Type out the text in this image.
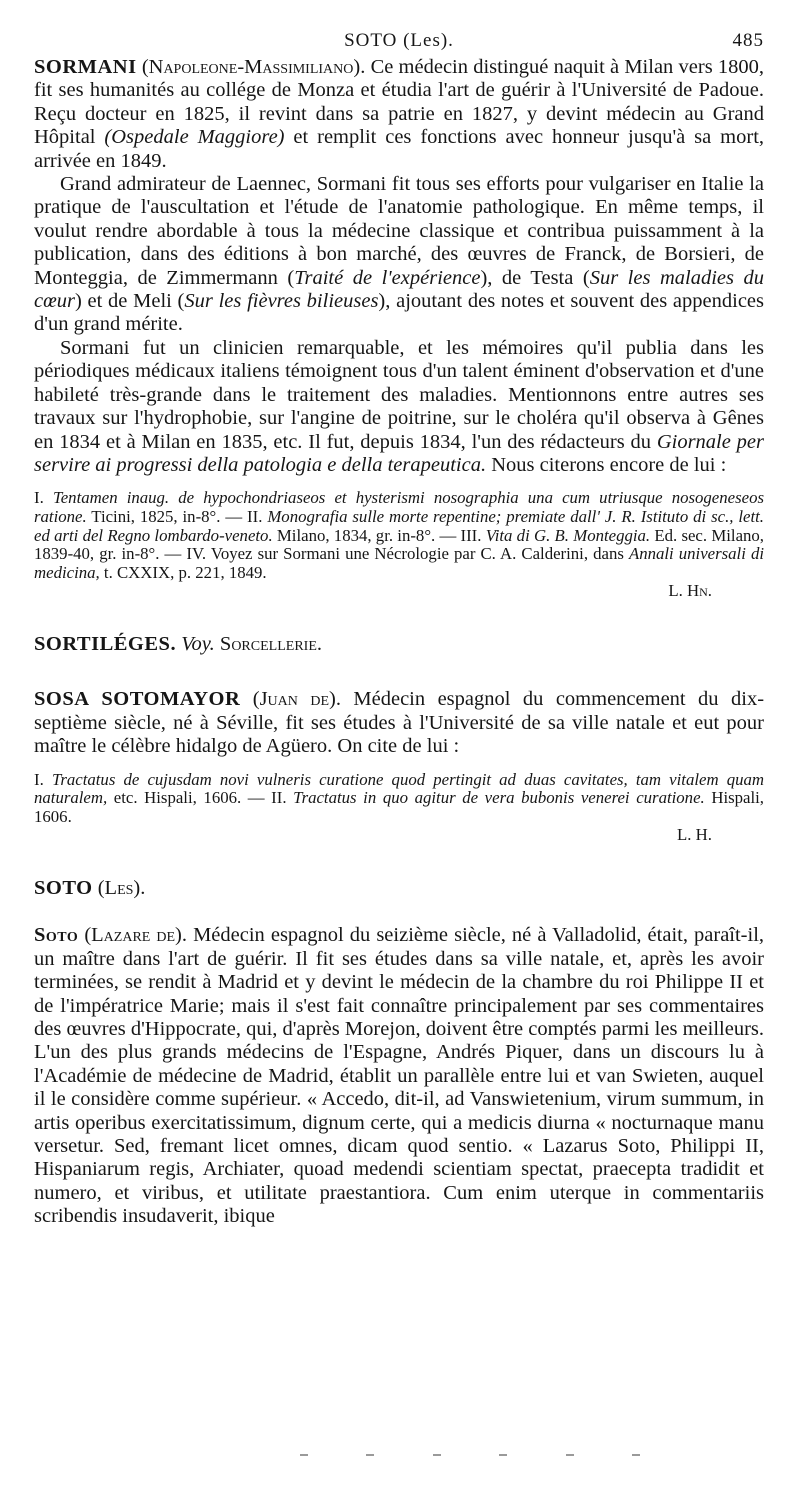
SOTO (Les).	485

SORMANI (Napoleone-Massimiliano). Ce médecin distingué naquit à Milan vers 1800, fit ses humanités au collége de Monza et étudia l'art de guérir à l'Université de Padoue. Reçu docteur en 1825, il revint dans sa patrie en 1827, y devint médecin au Grand Hôpital (Ospedale Maggiore) et remplit ces fonctions avec honneur jusqu'à sa mort, arrivée en 1849.

Grand admirateur de Laennec, Sormani fit tous ses efforts pour vulgariser en Italie la pratique de l'auscultation et l'étude de l'anatomie pathologique. En même temps, il voulut rendre abordable à tous la médecine classique et contribua puissamment à la publication, dans des éditions à bon marché, des œuvres de Franck, de Borsieri, de Monteggia, de Zimmermann (Traité de l'expérience), de Testa (Sur les maladies du cœur) et de Meli (Sur les fièvres bilieuses), ajoutant des notes et souvent des appendices d'un grand mérite.

Sormani fut un clinicien remarquable, et les mémoires qu'il publia dans les périodiques médicaux italiens témoignent tous d'un talent éminent d'observation et d'une habileté très-grande dans le traitement des maladies. Mentionnons entre autres ses travaux sur l'hydrophobie, sur l'angine de poitrine, sur le choléra qu'il observa à Gênes en 1834 et à Milan en 1835, etc. Il fut, depuis 1834, l'un des rédacteurs du Giornale per servire ai progressi della patologia e della terapeutica. Nous citerons encore de lui :

I. Tentamen inaug. de hypochondriaseos et hysterismi nosographia una cum utriusque nosogeneseos ratione. Ticini, 1825, in-8°. — II. Monografia sulle morte repentine; premiate dall' J. R. Istituto di sc., lett. ed arti del Regno lombardo-veneto. Milano, 1834, gr. in-8°. — III. Vita di G. B. Monteggia. Ed. sec. Milano, 1839-40, gr. in-8°. — IV. Voyez sur Sormani une Nécrologie par C. A. Calderini, dans Annali universali di medicina, t. CXXIX, p. 221, 1849.

L. Hn.

SORTILÉGES. Voy. Sorcellerie.

SOSA SOTOMAYOR (Juan de). Médecin espagnol du commencement du dix-septième siècle, né à Séville, fit ses études à l'Université de sa ville natale et eut pour maître le célèbre hidalgo de Agüero. On cite de lui :

I. Tractatus de cujusdam novi vulneris curatione quod pertingit ad duas cavitates, tam vitalem quam naturalem, etc. Hispali, 1606. — II. Tractatus in quo agitur de vera bubonis venerei curatione. Hispali, 1606.

L. H.

SOTO (Les).

Soto (Lazare de). Médecin espagnol du seizième siècle, né à Valladolid, était, paraît-il, un maître dans l'art de guérir. Il fit ses études dans sa ville natale, et, après les avoir terminées, se rendit à Madrid et y devint le médecin de la chambre du roi Philippe II et de l'impératrice Marie; mais il s'est fait connaître principalement par ses commentaires des œuvres d'Hippocrate, qui, d'après Morejon, doivent être comptés parmi les meilleurs. L'un des plus grands médecins de l'Espagne, Andrés Piquer, dans un discours lu à l'Académie de médecine de Madrid, établit un parallèle entre lui et van Swieten, auquel il le considère comme supérieur. « Accedo, dit-il, ad Vanswietenium, virum summum, in artis operibus exercitatissimum, dignum certe, qui a medicis diurna « nocturnaque manu versetur. Sed, fremant licet omnes, dicam quod sentio. « Lazarus Soto, Philippi II, Hispaniarum regis, Archiater, quoad medendi scientiam spectat, praecepta tradidit et numero, et viribus, et utilitate praestantiora. Cum enim uterque in commentariis scribendis insudaverit, ibique
